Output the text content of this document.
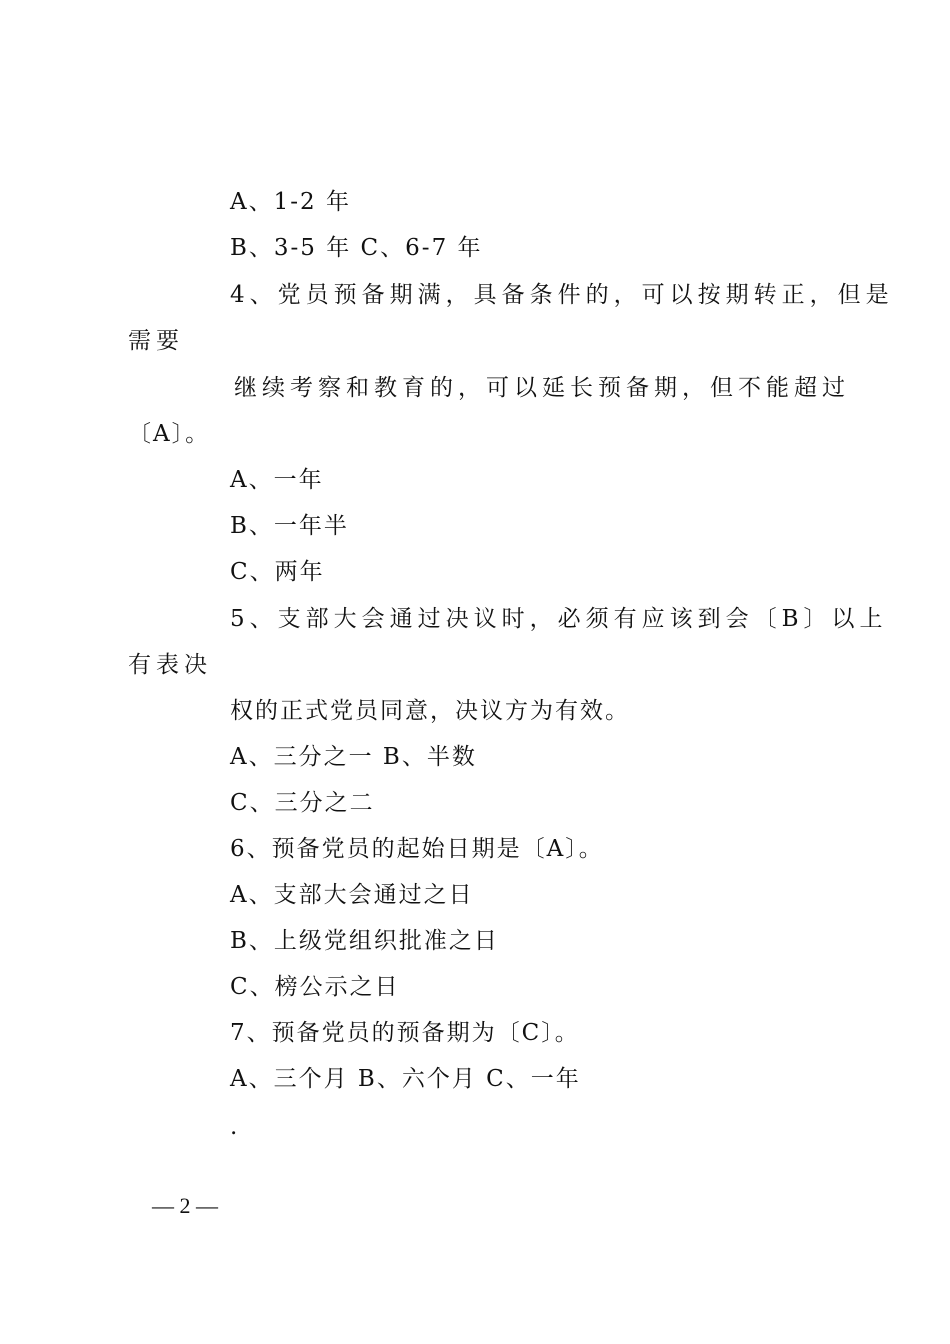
A、1-2 年
B、3-5 年 C、6-7 年
4、党员预备期满，具备条件的，可以按期转正，但是
需要
继续考察和教育的，可以延长预备期，但不能超过
〔A〕。
A、一年
B、一年半
C、两年
5、支部大会通过决议时，必须有应该到会〔B〕以上
有表决
权的正式党员同意，决议方为有效。
A、三分之一 B、半数
C、三分之二
6、预备党员的起始日期是〔A〕。
A、支部大会通过之日
B、上级党组织批准之日
C、榜公示之日
7、预备党员的预备期为〔C〕。
A、三个月 B、六个月 C、一年
.
— 2 —
